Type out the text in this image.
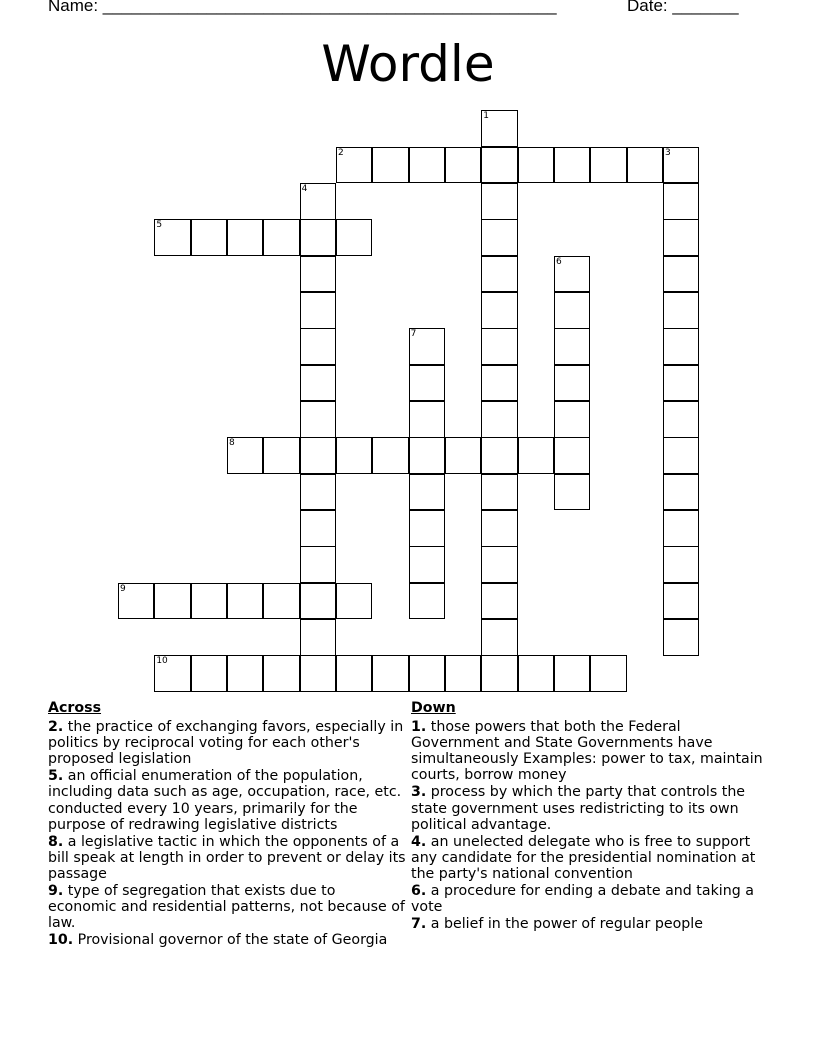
Name: ________________________________________________	Date: _______
Wordle
1
2	3
4
5
6
7
8
9
10
Across
2. the practice of exchanging favors, especially in politics by reciprocal voting for each other's proposed legislation
5. an official enumeration of the population, including data such as age, occupation, race, etc. conducted every 10 years, primarily for the purpose of redrawing legislative districts
8. a legislative tactic in which the opponents of a bill speak at length in order to prevent or delay its passage
9. type of segregation that exists due to economic and residential patterns, not because of law.
10. Provisional governor of the state of Georgia
Down
1. those powers that both the Federal Government and State Governments have simultaneously Examples: power to tax, maintain courts, borrow money
3. process by which the party that controls the state government uses redistricting to its own political advantage.
4. an unelected delegate who is free to support any candidate for the presidential nomination at the party's national convention
6. a procedure for ending a debate and taking a vote
7. a belief in the power of regular people
